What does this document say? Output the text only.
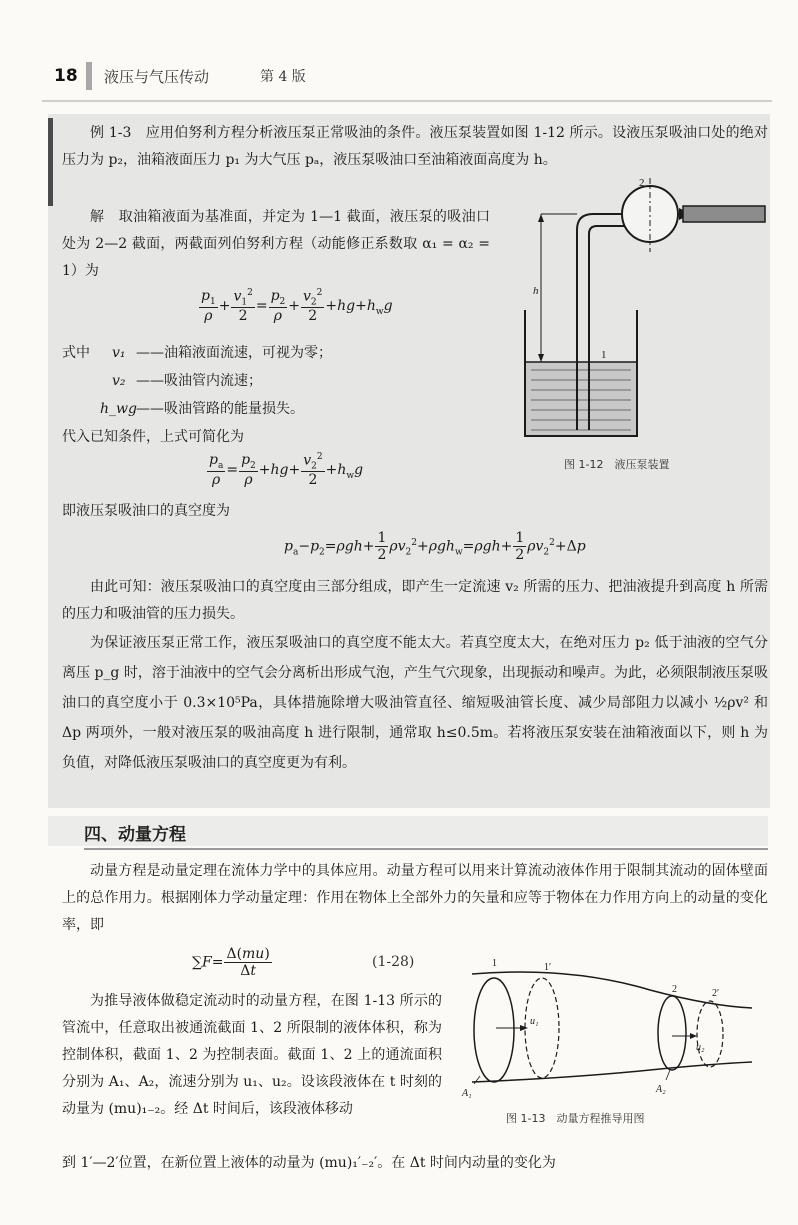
18 液压与气压传动	第 4 版
例 1-3　应用伯努利方程分析液压泵正常吸油的条件。液压泵装置如图 1-12 所示。设液压泵吸油口处的绝对压力为 p₂，油箱液面压力 p₁ 为大气压 pₐ，液压泵吸油口至油箱液面高度为 h。
解　取油箱液面为基准面，并定为 1—1 截面，液压泵的吸油口处为 2—2 截面，两截面列伯努利方程（动能修正系数取 α₁ = α₂ = 1）为
$\frac{p_1}{\rho} + \frac{v_1^2}{2} = \frac{p_2}{\rho} + \frac{v_2^2}{2} +hg+h_wg$
式中 v₁ ——油箱液面流速，可视为零；
v₂ ——吸油管内流速；
h_wg ——吸油管路的能量损失。
代入已知条件，上式可简化为
$\frac{p_a}{\rho} = \frac{p_2}{\rho} +hg+ \frac{v_2^2}{2} +h_wg$
即液压泵吸油口的真空度为
$p_a-p_2=\rho gh+ \frac{1}{2} \rho v_2^2+\rho gh_w=\rho gh+ \frac{1}{2} \rho v_2^2+\Delta p$
由此可知：液压泵吸油口的真空度由三部分组成，即产生一定流速 v₂ 所需的压力、把油液提升到高度 h 所需的压力和吸油管的压力损失。
为保证液压泵正常工作，液压泵吸油口的真空度不能太大。若真空度太大，在绝对压力 p₂ 低于油液的空气分离压 p_g 时，溶于油液中的空气会分离析出形成气泡，产生气穴现象，出现振动和噪声。为此，必须限制液压泵吸油口的真空度小于 0.3×10⁵Pa，具体措施除增大吸油管直径、缩短吸油管长度、减少局部阻力以减小 ½ρv² 和 Δp 两项外，一般对液压泵的吸油高度 h 进行限制，通常取 h≤0.5m。若将液压泵安装在油箱液面以下，则 h 为负值，对降低液压泵吸油口的真空度更为有利。
h
2
1
图 1-12　液压泵装置
四、动量方程
动量方程是动量定理在流体力学中的具体应用。动量方程可以用来计算流动液体作用于限制其流动的固体壁面上的总作用力。根据刚体力学动量定理：作用在物体上全部外力的矢量和应等于物体在力作用方向上的动量的变化率，即
$\sum F= \frac{\Delta(mu)}{\Delta t}$	(1-28)
为推导液体做稳定流动时的动量方程，在图 1-13 所示的管流中，任意取出被通流截面 1、2 所限制的液体体积，称为控制体积，截面 1、2 为控制表面。截面 1、2 上的通流面积分别为 A₁、A₂，流速分别为 u₁、u₂。设该段液体在 t 时刻的动量为 (mu)₁₋₂。经 Δt 时间后，该段液体移动
到 1′—2′位置，在新位置上液体的动量为 (mu)₁′₋₂′。在 Δt 时间内动量的变化为
1	1′
2	2′
u₁
u₂
A₁	A₂
图 1-13　动量方程推导用图
